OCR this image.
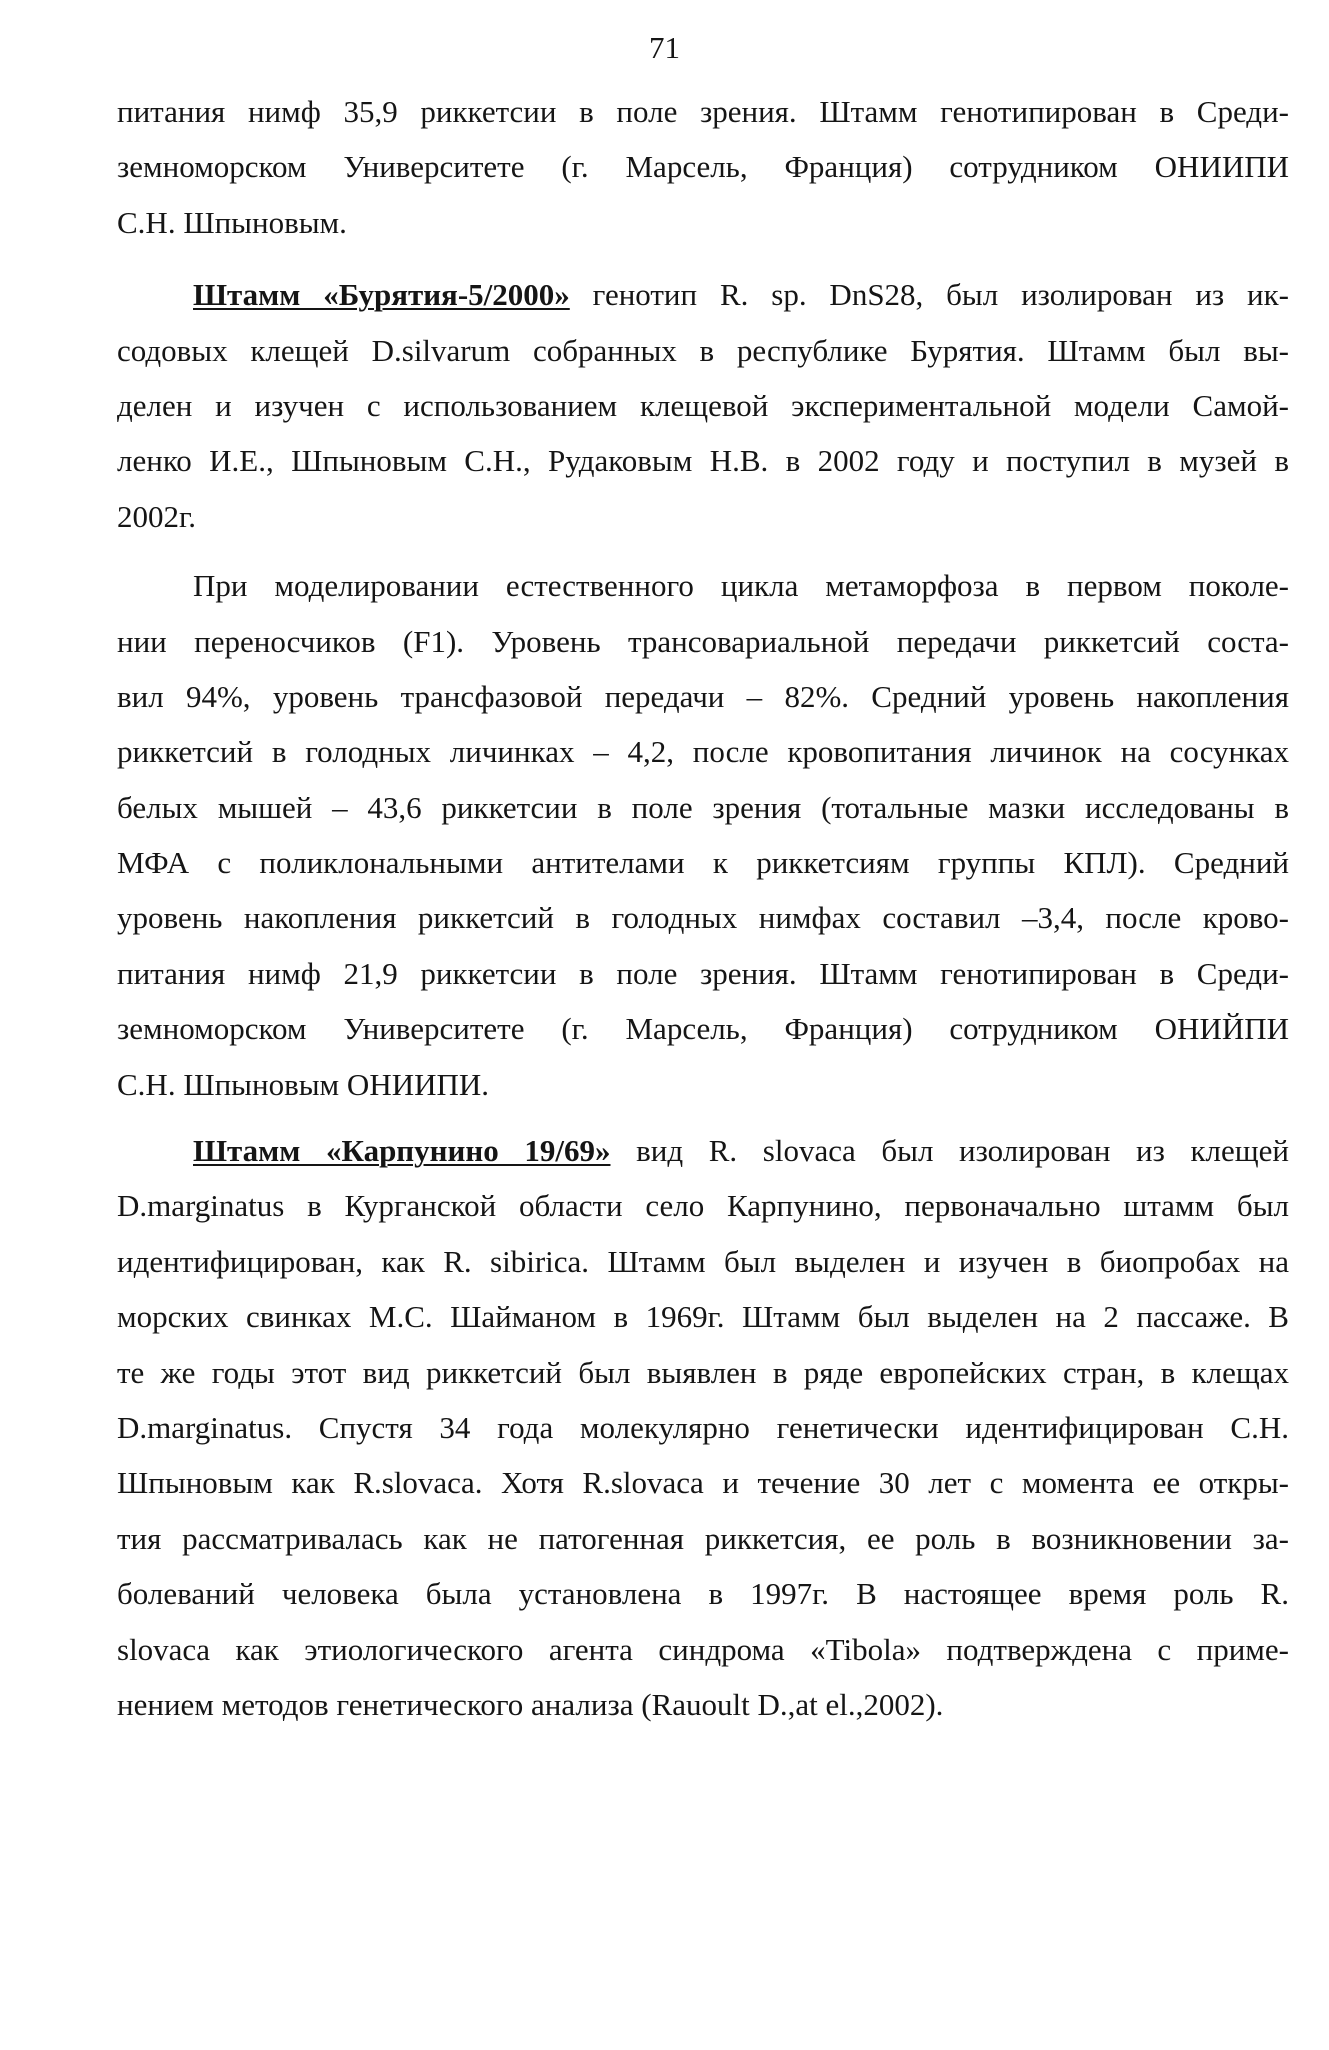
71
питания нимф 35,9 риккетсии в поле зрения. Штамм генотипирован в Среди-
земноморском Университете (г. Марсель, Франция) сотрудником ОНИИПИ
С.Н. Шпыновым.
Штамм «Бурятия-5/2000» генотип R. sp. DnS28, был изолирован из ик-
содовых клещей D.silvarum собранных в республике Бурятия. Штамм был вы-
делен и изучен с использованием клещевой экспериментальной модели Самой-
ленко И.Е., Шпыновым С.Н., Рудаковым Н.В. в 2002 году и поступил в музей в
2002г.
При моделировании естественного цикла метаморфоза в первом поколе-
нии переносчиков (F1). Уровень трансовариальной передачи риккетсий соста-
вил 94%, уровень трансфазовой передачи – 82%. Средний уровень накопления
риккетсий в голодных личинках – 4,2, после кровопитания личинок на сосунках
белых мышей – 43,6 риккетсии в поле зрения (тотальные мазки исследованы в
МФА с поликлональными антителами к риккетсиям группы КПЛ). Средний
уровень накопления риккетсий в голодных нимфах составил –3,4, после крово-
питания нимф 21,9 риккетсии в поле зрения. Штамм генотипирован в Среди-
земноморском Университете (г. Марсель, Франция) сотрудником ОНИЙПИ
С.Н. Шпыновым ОНИИПИ.
Штамм «Карпунино 19/69» вид R. slovaca был изолирован из клещей
D.marginatus в Курганской области село Карпунино, первоначально штамм был
идентифицирован, как R. sibirica. Штамм был выделен и изучен в биопробах на
морских свинках М.С. Шайманом в 1969г. Штамм был выделен на 2 пассаже. В
те же годы этот вид риккетсий был выявлен в ряде европейских стран, в клещах
D.marginatus. Спустя 34 года молекулярно генетически идентифицирован С.Н.
Шпыновым как R.slovaca. Хотя R.slovaca и течение 30 лет с момента ее откры-
тия рассматривалась как не патогенная риккетсия, ее роль в возникновении за-
болеваний человека была установлена в 1997г. В настоящее время роль R.
slovaca как этиологического агента синдрома «Tibola» подтверждена с приме-
нением методов генетического анализа (Rauoult D.,at el.,2002).
